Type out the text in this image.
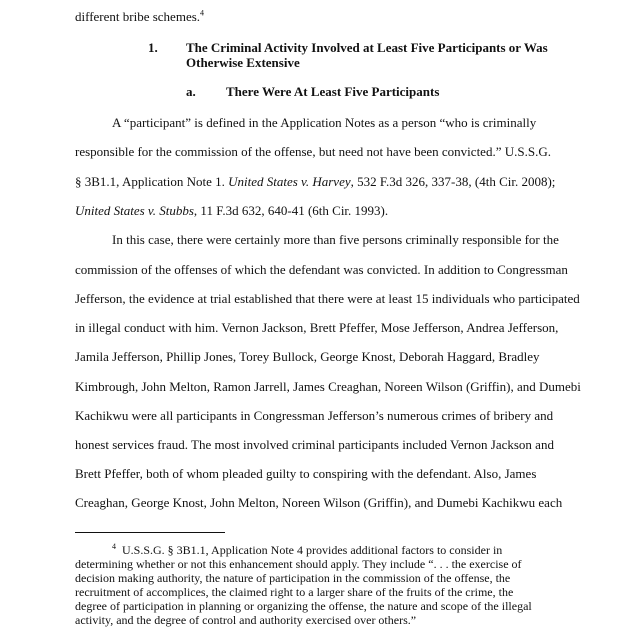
different bribe schemes.$^4$
1. The Criminal Activity Involved at Least Five Participants or Was
Otherwise Extensive
a. There Were At Least Five Participants
A “participant” is defined in the Application Notes as a person “who is criminally
responsible for the commission of the offense, but need not have been convicted.” U.S.S.G.
§ 3B1.1, Application Note 1. United States v. Harvey, 532 F.3d 326, 337-38, (4th Cir. 2008);
United States v. Stubbs, 11 F.3d 632, 640-41 (6th Cir. 1993).
In this case, there were certainly more than five persons criminally responsible for the
commission of the offenses of which the defendant was convicted. In addition to Congressman
Jefferson, the evidence at trial established that there were at least 15 individuals who participated
in illegal conduct with him. Vernon Jackson, Brett Pfeffer, Mose Jefferson, Andrea Jefferson,
Jamila Jefferson, Phillip Jones, Torey Bullock, George Knost, Deborah Haggard, Bradley
Kimbrough, John Melton, Ramon Jarrell, James Creaghan, Noreen Wilson (Griffin), and Dumebi
Kachikwu were all participants in Congressman Jefferson’s numerous crimes of bribery and
honest services fraud. The most involved criminal participants included Vernon Jackson and
Brett Pfeffer, both of whom pleaded guilty to conspiring with the defendant. Also, James
Creaghan, George Knost, John Melton, Noreen Wilson (Griffin), and Dumebi Kachikwu each
$^4$ U.S.S.G. § 3B1.1, Application Note 4 provides additional factors to consider in
determining whether or not this enhancement should apply. They include “. . . the exercise of
decision making authority, the nature of participation in the commission of the offense, the
recruitment of accomplices, the claimed right to a larger share of the fruits of the crime, the
degree of participation in planning or organizing the offense, the nature and scope of the illegal
activity, and the degree of control and authority exercised over others.”
